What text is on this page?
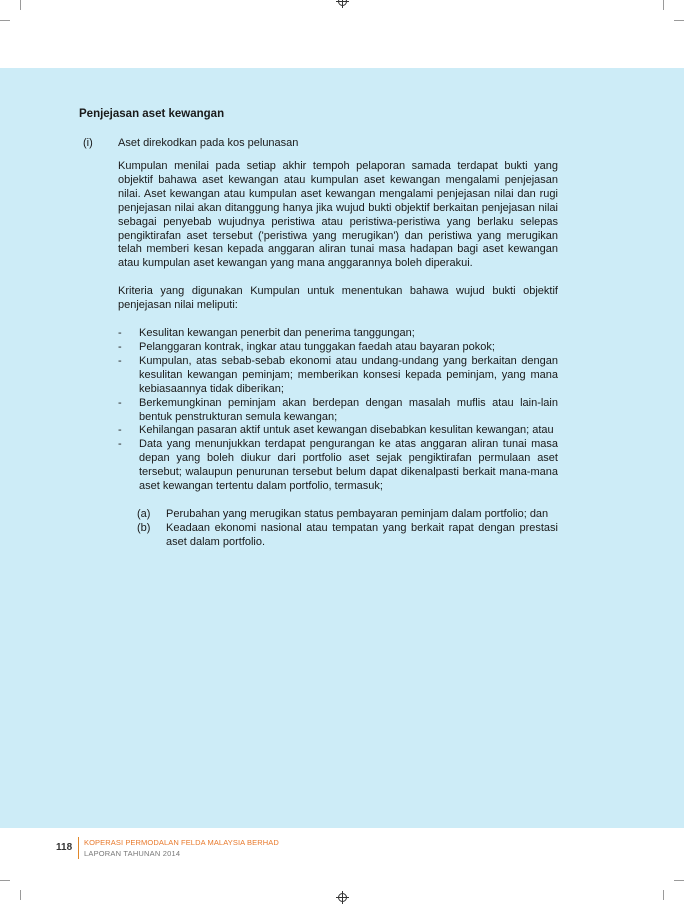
Penjejasan aset kewangan
(i) Aset direkodkan pada kos pelunasan

Kumpulan menilai pada setiap akhir tempoh pelaporan samada terdapat bukti yang objektif bahawa aset kewangan atau kumpulan aset kewangan mengalami penjejasan nilai. Aset kewangan atau kumpulan aset kewangan mengalami penjejasan nilai dan rugi penjejasan nilai akan ditanggung hanya jika wujud bukti objektif berkaitan penjejasan nilai sebagai penyebab wujudnya peristiwa atau peristiwa-peristiwa yang berlaku selepas pengiktirafan aset tersebut ('peristiwa yang merugikan') dan peristiwa yang merugikan telah memberi kesan kepada anggaran aliran tunai masa hadapan bagi aset kewangan atau kumpulan aset kewangan yang mana anggarannya boleh diperakui.

Kriteria yang digunakan Kumpulan untuk menentukan bahawa wujud bukti objektif penjejasan nilai meliputi:

- Kesulitan kewangan penerbit dan penerima tanggungan;
- Pelanggaran kontrak, ingkar atau tunggakan faedah atau bayaran pokok;
- Kumpulan, atas sebab-sebab ekonomi atau undang-undang yang berkaitan dengan kesulitan kewangan peminjam; memberikan konsesi kepada peminjam, yang mana kebiasaannya tidak diberikan;
- Berkemungkinan peminjam akan berdepan dengan masalah muflis atau lain-lain bentuk penstrukturan semula kewangan;
- Kehilangan pasaran aktif untuk aset kewangan disebabkan kesulitan kewangan; atau
- Data yang menunjukkan terdapat pengurangan ke atas anggaran aliran tunai masa depan yang boleh diukur dari portfolio aset sejak pengiktirafan permulaan aset tersebut; walaupun penurunan tersebut belum dapat dikenalpasti berkait mana-mana aset kewangan tertentu dalam portfolio, termasuk;
(a) Perubahan yang merugikan status pembayaran peminjam dalam portfolio; dan
(b) Keadaan ekonomi nasional atau tempatan yang berkait rapat dengan prestasi aset dalam portfolio.
118 KOPERASI PERMODALAN FELDA MALAYSIA BERHAD
LAPORAN TAHUNAN 2014
